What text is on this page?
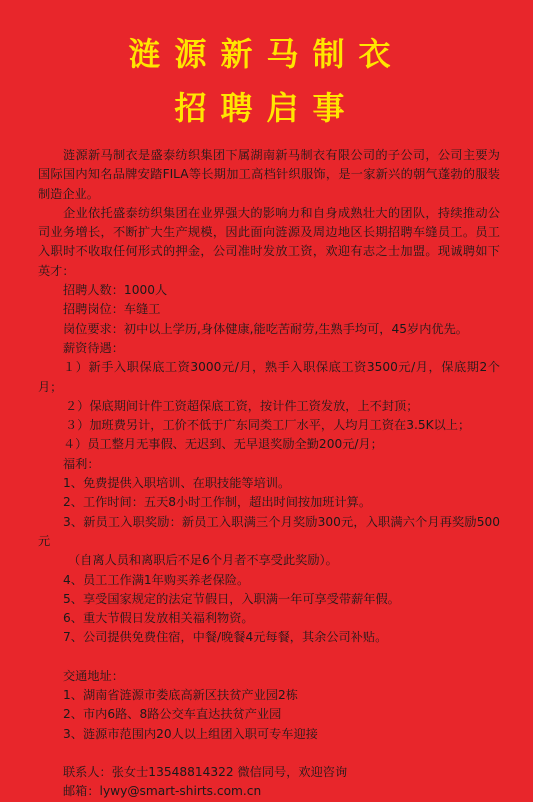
涟源新马制衣
招聘启事
涟源新马制衣是盛泰纺织集团下属湖南新马制衣有限公司的子公司，公司主要为国际国内知名品牌安踏FILA等长期加工高档针织服饰，是一家新兴的朝气蓬勃的服装制造企业。
企业依托盛泰纺织集团在业界强大的影响力和自身成熟壮大的团队，持续推动公司业务增长，不断扩大生产规模，因此面向涟源及周边地区长期招聘车缝员工。员工入职时不收取任何形式的押金，公司准时发放工资，欢迎有志之士加盟。现诚聘如下英才：
招聘人数：1000人
招聘岗位：车缝工
岗位要求：初中以上学历,身体健康,能吃苦耐劳,生熟手均可，45岁内优先。
薪资待遇：
１）新手入职保底工资3000元/月，熟手入职保底工资3500元/月，保底期2个月；
２）保底期间计件工资超保底工资，按计件工资发放，上不封顶；
３）加班费另计，工价不低于广东同类工厂水平，人均月工资在3.5K以上；
４）员工整月无事假、无迟到、无早退奖励全勤200元/月；
福利：
1、免费提供入职培训、在职技能等培训。
2、工作时间：五天8小时工作制，超出时间按加班计算。
3、新员工入职奖励：新员工入职满三个月奖励300元，入职满六个月再奖励500元
（自离人员和离职后不足6个月者不享受此奖励）。
4、员工工作满1年购买养老保险。
5、享受国家规定的法定节假日，入职满一年可享受带薪年假。
6、重大节假日发放相关福利物资。
7、公司提供免费住宿，中餐/晚餐4元每餐，其余公司补贴。
交通地址：
1、湖南省涟源市娄底高新区扶贫产业园2栋
2、市内6路、8路公交车直达扶贫产业园
3、涟源市范围内20人以上组团入职可专车迎接
联系人：张女士13548814322 微信同号，欢迎咨询
邮箱：lywy@smart-shirts.com.cn
